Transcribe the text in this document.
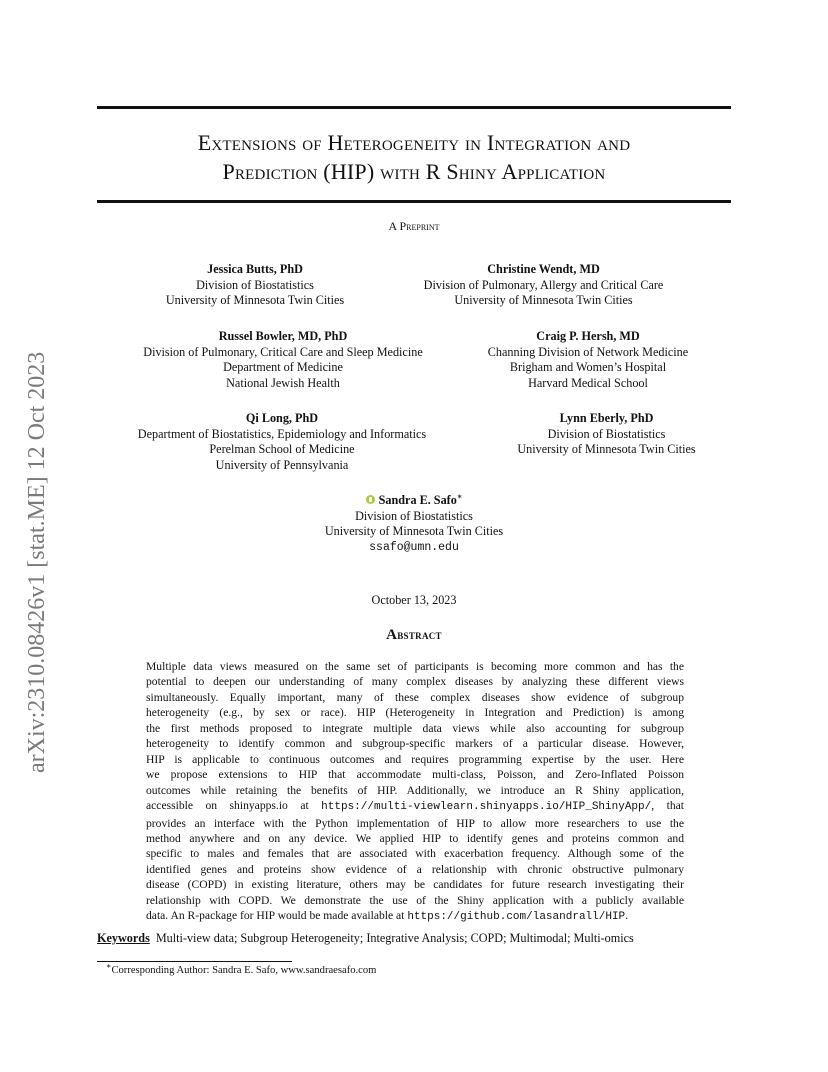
arXiv:2310.08426v1 [stat.ME] 12 Oct 2023
Extensions of Heterogeneity in Integration and
Prediction (HIP) with R Shiny Application
A Preprint
Jessica Butts, PhD
Division of Biostatistics
University of Minnesota Twin Cities
Christine Wendt, MD
Division of Pulmonary, Allergy and Critical Care
University of Minnesota Twin Cities
Russel Bowler, MD, PhD
Division of Pulmonary, Critical Care and Sleep Medicine
Department of Medicine
National Jewish Health
Craig P. Hersh, MD
Channing Division of Network Medicine
Brigham and Women’s Hospital
Harvard Medical School
Qi Long, PhD
Department of Biostatistics, Epidemiology and Informatics
Perelman School of Medicine
University of Pennsylvania
Lynn Eberly, PhD
Division of Biostatistics
University of Minnesota Twin Cities
Sandra E. Safo∗
Division of Biostatistics
University of Minnesota Twin Cities
ssafo@umn.edu
October 13, 2023
Abstract
Multiple data views measured on the same set of participants is becoming more common and has the
potential to deepen our understanding of many complex diseases by analyzing these different views
simultaneously. Equally important, many of these complex diseases show evidence of subgroup
heterogeneity (e.g., by sex or race). HIP (Heterogeneity in Integration and Prediction) is among
the first methods proposed to integrate multiple data views while also accounting for subgroup
heterogeneity to identify common and subgroup-specific markers of a particular disease. However,
HIP is applicable to continuous outcomes and requires programming expertise by the user. Here
we propose extensions to HIP that accommodate multi-class, Poisson, and Zero-Inflated Poisson
outcomes while retaining the benefits of HIP. Additionally, we introduce an R Shiny application,
accessible on shinyapps.io at https://multi-viewlearn.shinyapps.io/HIP_ShinyApp/, that
provides an interface with the Python implementation of HIP to allow more researchers to use the
method anywhere and on any device. We applied HIP to identify genes and proteins common and
specific to males and females that are associated with exacerbation frequency. Although some of the
identified genes and proteins show evidence of a relationship with chronic obstructive pulmonary
disease (COPD) in existing literature, others may be candidates for future research investigating their
relationship with COPD. We demonstrate the use of the Shiny application with a publicly available
data. An R-package for HIP would be made available at https://github.com/lasandrall/HIP.
Keywords Multi-view data; Subgroup Heterogeneity; Integrative Analysis; COPD; Multimodal; Multi-omics
∗Corresponding Author: Sandra E. Safo, www.sandraesafo.com
